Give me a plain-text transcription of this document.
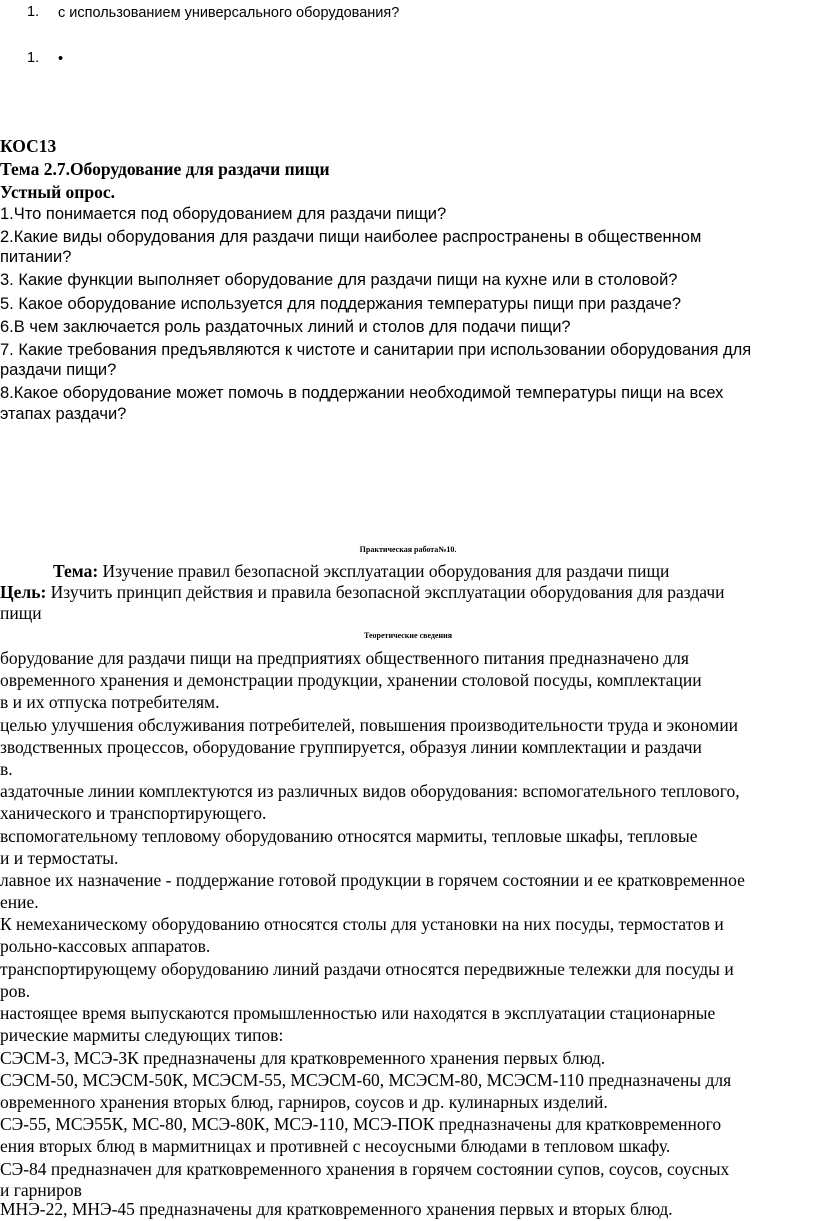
1. с использованием универсального оборудования?
1. •
КОС13
Тема 2.7.Оборудование для раздачи пищи
Устный опрос.
1.Что понимается под оборудованием для раздачи пищи?
2.Какие виды оборудования для раздачи пищи наиболее распространены в общественном
питании?
3. Какие функции выполняет оборудование для раздачи пищи на кухне или в столовой?
5. Какое оборудование используется для поддержания температуры пищи при раздаче?
6.В чем заключается роль раздаточных линий и столов для подачи пищи?
7. Какие требования предъявляются к чистоте и санитарии при использовании оборудования для
раздачи пищи?
8.Какое оборудование может помочь в поддержании необходимой температуры пищи на всех
этапах раздачи?
Практическая работа№10.
Тема: Изучение правил безопасной эксплуатации оборудования для раздачи пищи
Цель: Изучить принцип действия и правила безопасной эксплуатации оборудования для раздачи
пищи
Теоретические сведения
борудование для раздачи пищи на предприятиях общественного питания предназначено для
овременного хранения и демонстрации продукции, хранении столовой посуды, комплектации
в и их отпуска потребителям.
целью улучшения обслуживания потребителей, повышения производительности труда и экономии
зводственных процессов, оборудование группируется, образуя линии комплектации и раздачи
в.
аздаточные линии комплектуются из различных видов оборудования: вспомогательного теплового,
ханического и транспортирующего.
вспомогательному тепловому оборудованию относятся мармиты, тепловые шкафы, тепловые
и и термостаты.
лавное их назначение - поддержание готовой продукции в горячем состоянии и ее кратковременное
ение.
К немеханическому оборудованию относятся столы для установки на них посуды, термостатов и
рольно-кассовых аппаратов.
транспортирующему оборудованию линий раздачи относятся передвижные тележки для посуды и
ров.
настоящее время выпускаются промышленностью или находятся в эксплуатации стационарные
рические мармиты следующих типов:
СЭСМ-3, МСЭ-ЗК предназначены для кратковременного хранения первых блюд.
СЭСМ-50, МСЭСМ-50К, МСЭСМ-55, МСЭСМ-60, МСЭСМ-80, МСЭСМ-110 предназначены для
овременного хранения вторых блюд, гарниров, соусов и др. кулинарных изделий.
СЭ-55, МСЭ55К, МС-80, МСЭ-80К, МСЭ-110, МСЭ-ПОК предназначены для кратковременного
ения вторых блюд в мармитницах и противней с несоусными блюдами в тепловом шкафу.
СЭ-84 предназначен для кратковременного хранения в горячем состоянии супов, соусов, соусных
и гарниров
МНЭ-22, МНЭ-45 предназначены для кратковременного хранения первых и вторых блюд.
